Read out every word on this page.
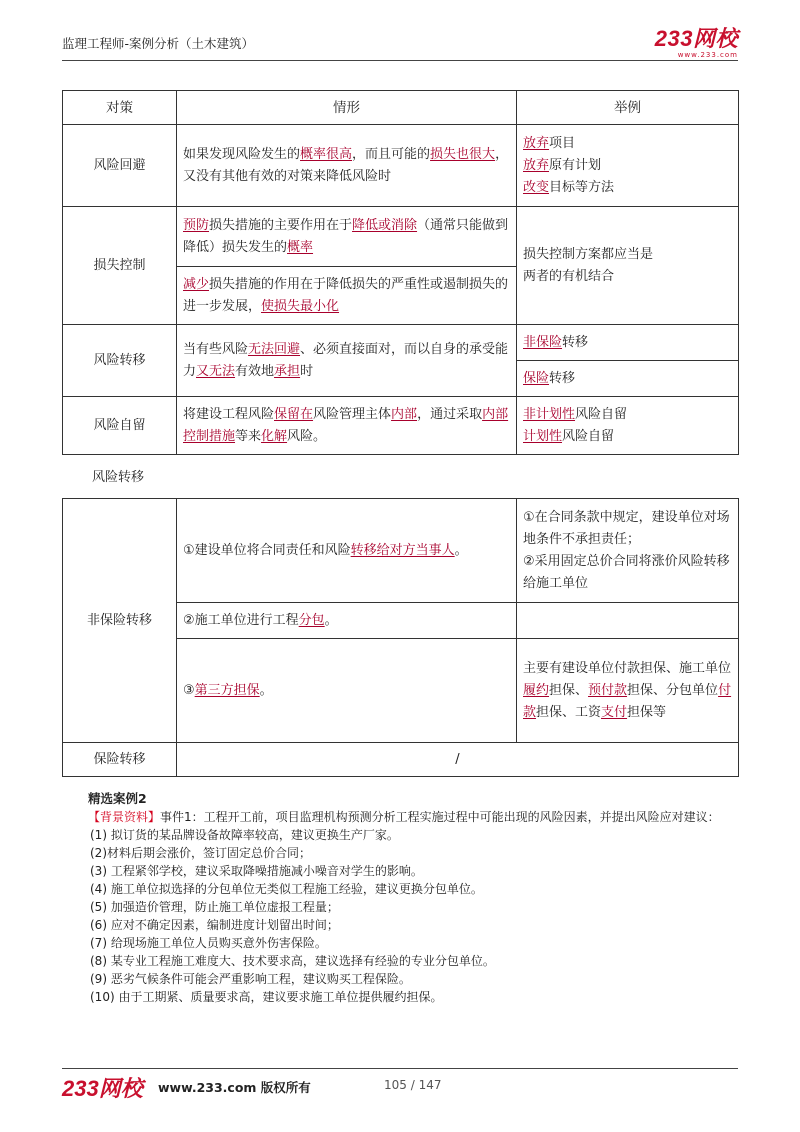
监理工程师-案例分析（土木建筑）	233网校
www.233.com
对策	情形	举例
风险回避	如果发现风险发生的概率很高，而且可能的损失也很大，又没有其他有效的对策来降低风险时	放弃项目
放弃原有计划
改变目标等方法

损失控制	预防损失措施的主要作用在于降低或消除（通常只能做到降低）损失发生的概率	损失控制方案都应当是
两者的有机结合

	减少损失措施的作用在于降低损失的严重性或遏制损失的进一步发展，使损失最小化	
风险转移	当有些风险无法回避、必须直接面对，而以自身的承受能力又无法有效地承担时	非保险转移
		保险转移
风险自留	将建设工程风险保留在风险管理主体内部，通过采取内部控制措施等来化解风险。	非计划性风险自留
计划性风险自留
风险转移
非保险转移	①建设单位将合同责任和风险转移给对方当事人。	①在合同条款中规定，建设单位对场地条件不承担责任；
②采用固定总价合同将涨价风险转移给施工单位

	②施工单位进行工程分包。	
	③第三方担保。	主要有建设单位付款担保、施工单位履约担保、预付款担保、分包单位付款担保、工资支付担保等
保险转移	/	
精选案例2

【背景资料】事件1：工程开工前，项目监理机构预测分析工程实施过程中可能出现的风险因素，并提出风险应对建议：

(1) 拟订货的某品牌设备故障率较高，建议更换生产厂家。

(2)材料后期会涨价，签订固定总价合同；

(3) 工程紧邻学校，建议采取降噪措施减小噪音对学生的影响。

(4) 施工单位拟选择的分包单位无类似工程施工经验，建议更换分包单位。

(5) 加强造价管理，防止施工单位虚报工程量；

(6) 应对不确定因素，编制进度计划留出时间；

(7) 给现场施工单位人员购买意外伤害保险。

(8) 某专业工程施工难度大、技术要求高，建议选择有经验的专业分包单位。

(9) 恶劣气候条件可能会严重影响工程，建议购买工程保险。

(10) 由于工期紧、质量要求高，建议要求施工单位提供履约担保。

233网校 www.233.com 版权所有	105 / 147
